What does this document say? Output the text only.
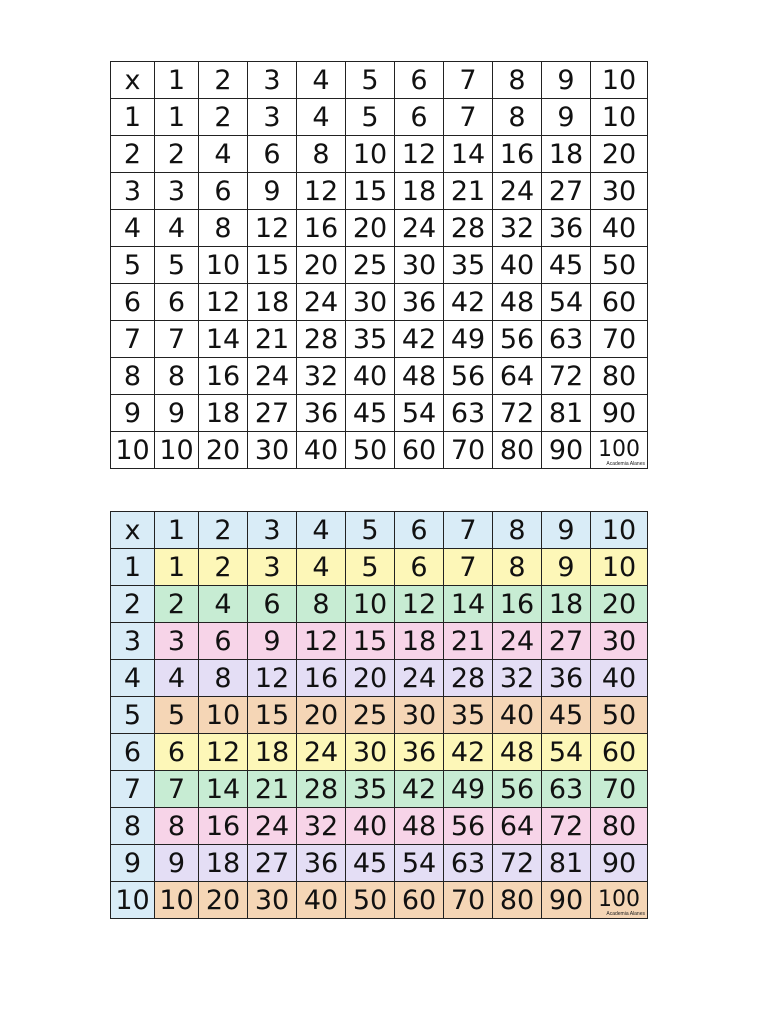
x	1	2	3	4	5	6	7	8	9	10
1	1	2	3	4	5	6	7	8	9	10
2	2	4	6	8	10	12	14	16	18	20
3	3	6	9	12	15	18	21	24	27	30
4	4	8	12	16	20	24	28	32	36	40
5	5	10	15	20	25	30	35	40	45	50
6	6	12	18	24	30	36	42	48	54	60
7	7	14	21	28	35	42	49	56	63	70
8	8	16	24	32	40	48	56	64	72	80
9	9	18	27	36	45	54	63	72	81	90
10	10	20	30	40	50	60	70	80	90	100
Academia Alanes
x	1	2	3	4	5	6	7	8	9	10
1	1	2	3	4	5	6	7	8	9	10
2	2	4	6	8	10	12	14	16	18	20
3	3	6	9	12	15	18	21	24	27	30
4	4	8	12	16	20	24	28	32	36	40
5	5	10	15	20	25	30	35	40	45	50
6	6	12	18	24	30	36	42	48	54	60
7	7	14	21	28	35	42	49	56	63	70
8	8	16	24	32	40	48	56	64	72	80
9	9	18	27	36	45	54	63	72	81	90
10	10	20	30	40	50	60	70	80	90	100
Academia Alanes
